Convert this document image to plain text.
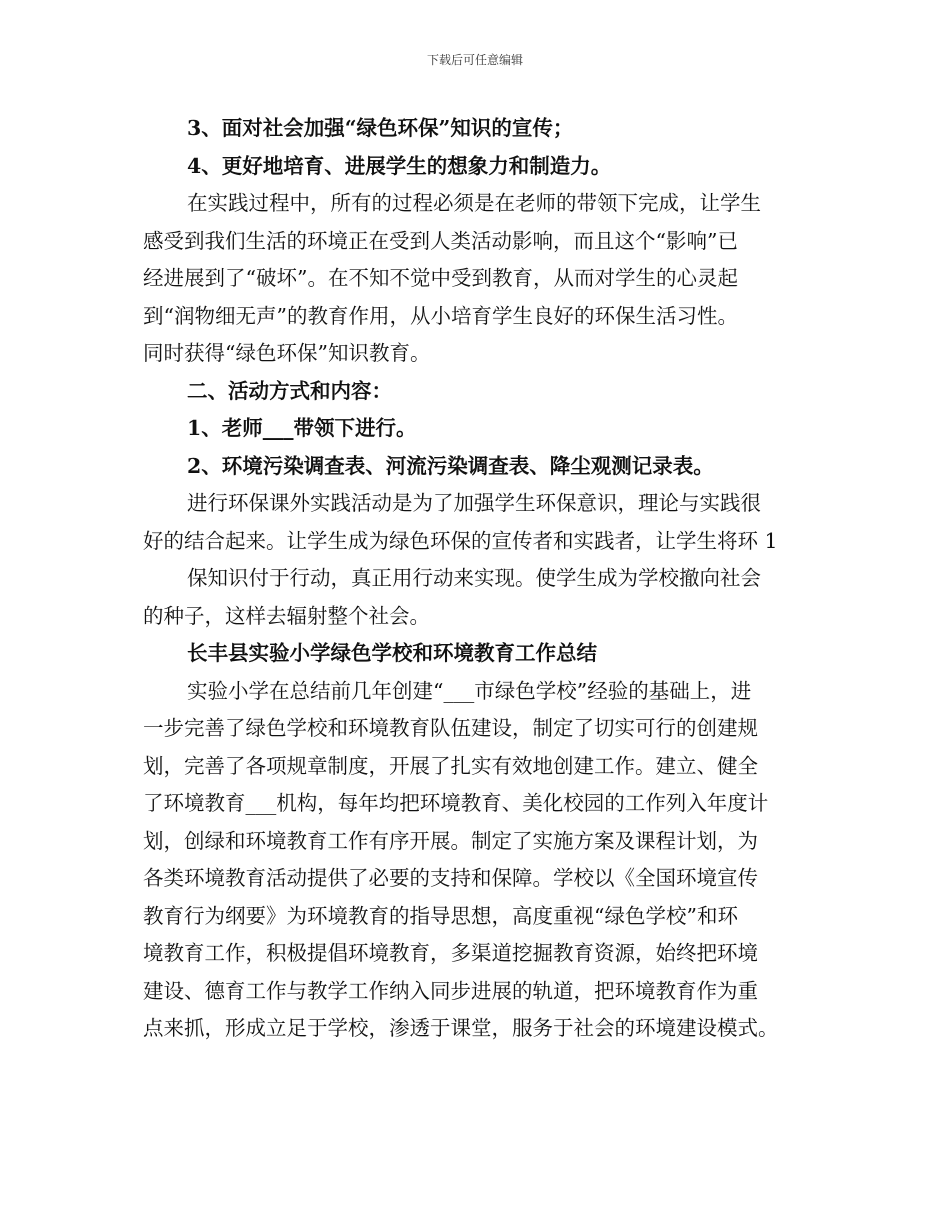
下载后可任意编辑
3、面对社会加强“绿色环保”知识的宣传；
4、更好地培育、进展学生的想象力和制造力。
在实践过程中，所有的过程必须是在老师的带领下完成，让学生
感受到我们生活的环境正在受到人类活动影响，而且这个“影响”已
经进展到了“破坏”。在不知不觉中受到教育，从而对学生的心灵起
到“润物细无声”的教育作用，从小培育学生良好的环保生活习性。
同时获得“绿色环保”知识教育。
二、活动方式和内容：
1、老师___带领下进行。
2、环境污染调查表、河流污染调查表、降尘观测记录表。
进行环保课外实践活动是为了加强学生环保意识，理论与实践很
好的结合起来。让学生成为绿色环保的宣传者和实践者，让学生将环 1
保知识付于行动，真正用行动来实现。使学生成为学校撤向社会
的种子，这样去辐射整个社会。
长丰县实验小学绿色学校和环境教育工作总结
实验小学在总结前几年创建“___市绿色学校”经验的基础上，进
一步完善了绿色学校和环境教育队伍建设，制定了切实可行的创建规
划，完善了各项规章制度，开展了扎实有效地创建工作。建立、健全
了环境教育___机构，每年均把环境教育、美化校园的工作列入年度计
划，创绿和环境教育工作有序开展。制定了实施方案及课程计划，为
各类环境教育活动提供了必要的支持和保障。学校以《全国环境宣传
教育行为纲要》为环境教育的指导思想，高度重视“绿色学校”和环
境教育工作，积极提倡环境教育，多渠道挖掘教育资源，始终把环境
建设、德育工作与教学工作纳入同步进展的轨道，把环境教育作为重
点来抓，形成立足于学校，渗透于课堂，服务于社会的环境建设模式。
